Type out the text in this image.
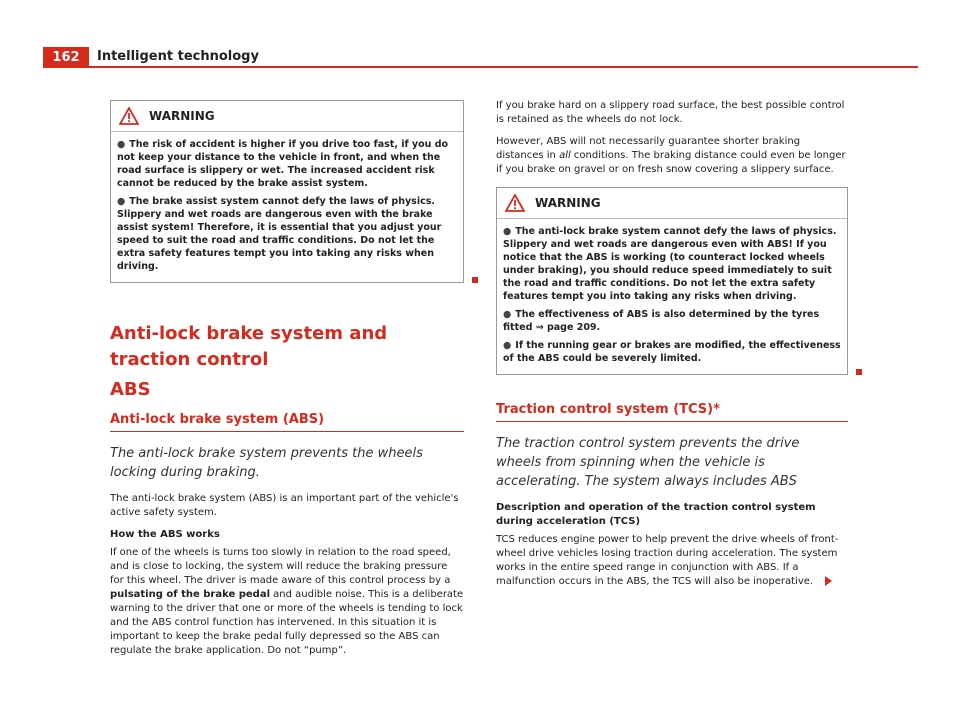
162	Intelligent technology
WARNING
● The risk of accident is higher if you drive too fast, if you do not keep your distance to the vehicle in front, and when the road surface is slippery or wet. The increased accident risk cannot be reduced by the brake assist system.
● The brake assist system cannot defy the laws of physics. Slippery and wet roads are dangerous even with the brake assist system! Therefore, it is essential that you adjust your speed to suit the road and traffic conditions. Do not let the extra safety features tempt you into taking any risks when driving.
Anti-lock brake system and traction control
ABS
Anti-lock brake system (ABS)
The anti-lock brake system prevents the wheels locking during braking.

The anti-lock brake system (ABS) is an important part of the vehicle's active safety system.

How the ABS works

If one of the wheels is turns too slowly in relation to the road speed, and is close to locking, the system will reduce the braking pressure for this wheel. The driver is made aware of this control process by a pulsating of the brake pedal and audible noise. This is a deliberate warning to the driver that one or more of the wheels is tending to lock and the ABS control function has intervened. In this situation it is important to keep the brake pedal fully depressed so the ABS can regulate the brake application. Do not “pump”.

If you brake hard on a slippery road surface, the best possible control is retained as the wheels do not lock.

However, ABS will not necessarily guarantee shorter braking distances in all conditions. The braking distance could even be longer if you brake on gravel or on fresh snow covering a slippery surface.

WARNING
● The anti-lock brake system cannot defy the laws of physics. Slippery and wet roads are dangerous even with ABS! If you notice that the ABS is working (to counteract locked wheels under braking), you should reduce speed immediately to suit the road and traffic conditions. Do not let the extra safety features tempt you into taking any risks when driving.
● The effectiveness of ABS is also determined by the tyres fitted ⇒ page 209.
● If the running gear or brakes are modified, the effectiveness of the ABS could be severely limited.
Traction control system (TCS)*
The traction control system prevents the drive wheels from spinning when the vehicle is accelerating. The system always includes ABS

Description and operation of the traction control system during acceleration (TCS)

TCS reduces engine power to help prevent the drive wheels of front-wheel drive vehicles losing traction during acceleration. The system works in the entire speed range in conjunction with ABS. If a malfunction occurs in the ABS, the TCS will also be inoperative.
